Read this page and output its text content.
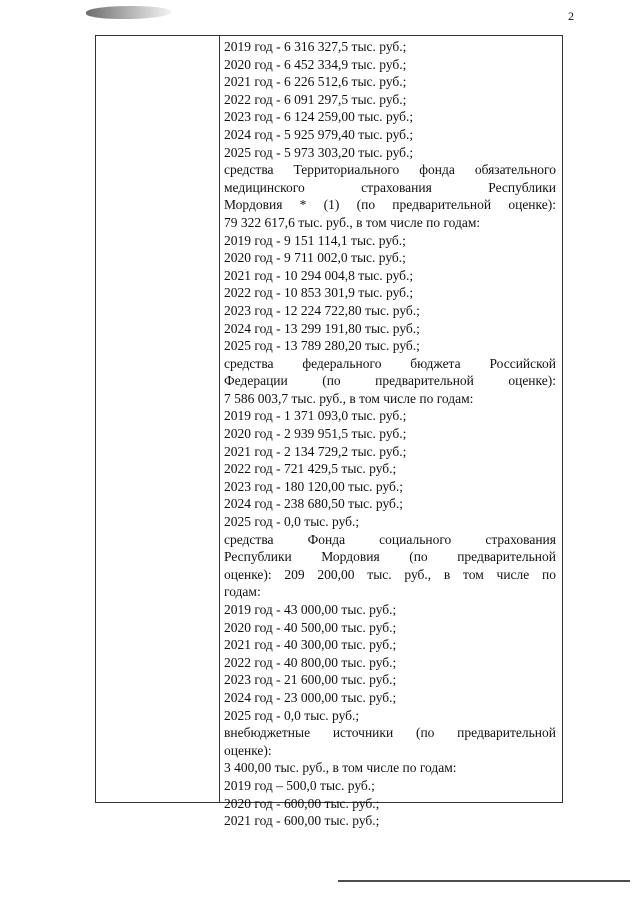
2
2019 год - 6 316 327,5 тыс. руб.;
2020 год - 6 452 334,9 тыс. руб.;
2021 год - 6 226 512,6 тыс. руб.;
2022 год - 6 091 297,5 тыс. руб.;
2023 год - 6 124 259,00 тыс. руб.;
2024 год - 5 925 979,40 тыс. руб.;
2025 год - 5 973 303,20 тыс. руб.;
средства Территориального фонда обязательного
медицинского страхования Республики
Мордовия * (1) (по предварительной оценке):
79 322 617,6 тыс. руб., в том числе по годам:
2019 год - 9 151 114,1 тыс. руб.;
2020 год - 9 711 002,0 тыс. руб.;
2021 год - 10 294 004,8 тыс. руб.;
2022 год - 10 853 301,9 тыс. руб.;
2023 год - 12 224 722,80 тыс. руб.;
2024 год - 13 299 191,80 тыс. руб.;
2025 год - 13 789 280,20 тыс. руб.;
средства федерального бюджета Российской
Федерации (по предварительной оценке):
7 586 003,7 тыс. руб., в том числе по годам:
2019 год - 1 371 093,0 тыс. руб.;
2020 год - 2 939 951,5 тыс. руб.;
2021 год - 2 134 729,2 тыс. руб.;
2022 год - 721 429,5 тыс. руб.;
2023 год - 180 120,00 тыс. руб.;
2024 год - 238 680,50 тыс. руб.;
2025 год - 0,0 тыс. руб.;
средства Фонда социального страхования
Республики Мордовия (по предварительной
оценке): 209 200,00 тыс. руб., в том числе по
годам:
2019 год - 43 000,00 тыс. руб.;
2020 год - 40 500,00 тыс. руб.;
2021 год - 40 300,00 тыс. руб.;
2022 год - 40 800,00 тыс. руб.;
2023 год - 21 600,00 тыс. руб.;
2024 год - 23 000,00 тыс. руб.;
2025 год - 0,0 тыс. руб.;
внебюджетные источники (по предварительной
оценке):
3 400,00 тыс. руб., в том числе по годам:
2019 год – 500,0 тыс. руб.;
2020 год - 600,00 тыс. руб.;
2021 год - 600,00 тыс. руб.;
